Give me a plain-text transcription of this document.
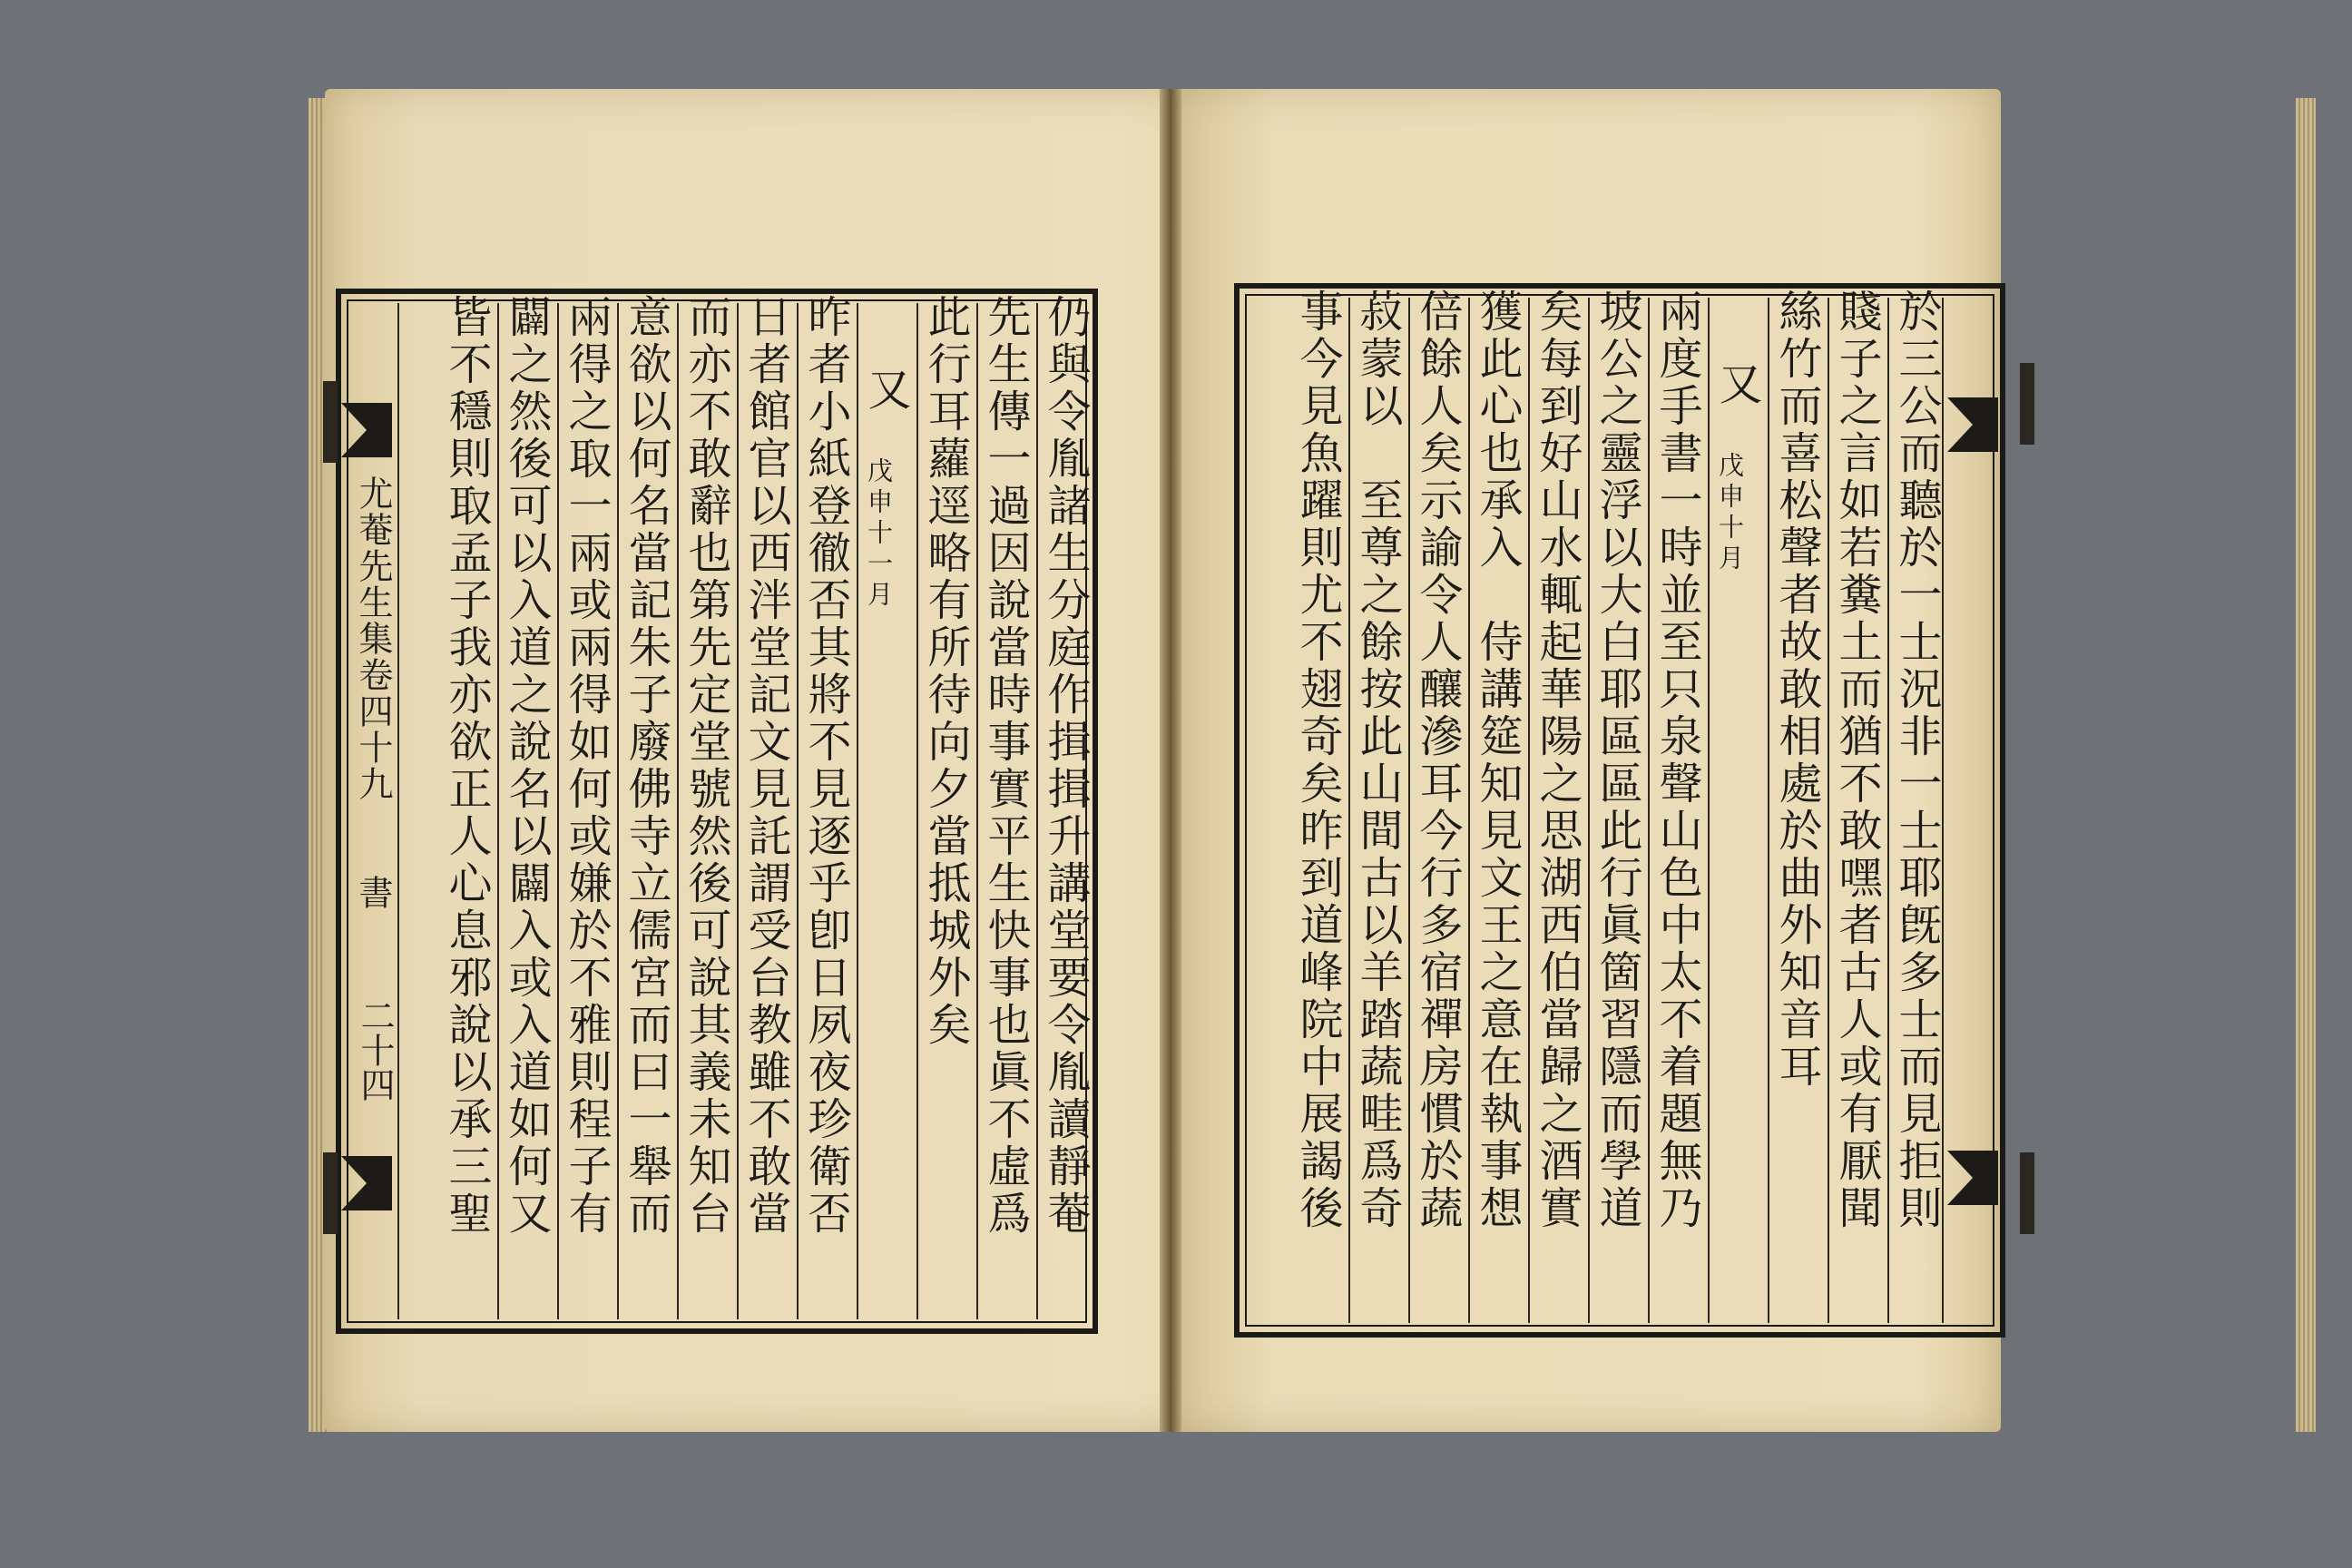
尤菴先生集卷四十九
書
二十四	仍與令胤諸生分庭作揖揖升講堂要令胤讀靜菴
先生傳一過因說當時事實平生快事也眞不虛爲
此行耳蘿逕略有所待向夕當抵城外矣
又
戊申十一月
昨者小紙登徹否其將不見逐乎卽日夙夜珍衛否
日者館官以西泮堂記文見託謂受台教雖不敢當
而亦不敢辭也第先定堂號然後可說其義未知台
意欲以何名當記朱子廢佛寺立儒宮而曰一舉而
兩得之取一兩或兩得如何或嫌於不雅則程子有
闢之然後可以入道之說名以闢入或入道如何又
皆不穩則取孟子我亦欲正人心息邪說以承三聖	於三公而聽於一士況非一士耶旣多士而見拒則
賤子之言如若糞土而猶不敢嘿者古人或有厭聞
絲竹而喜松聲者故敢相處於曲外知音耳
又
戊申十月
兩度手書一時並至只泉聲山色中太不着題無乃
坡公之靈浮以大白耶區區此行眞箇習隱而學道
矣每到好山水輒起華陽之思湖西伯當歸之酒實
獲此心也承入　侍講筵知見文王之意在執事想
倍餘人矣示諭令人釀滲耳今行多宿禪房慣於蔬
菽蒙以　至尊之餘按此山間古以羊踏蔬畦爲奇
事今見魚躍則尤不翅奇矣昨到道峰院中展謁後
